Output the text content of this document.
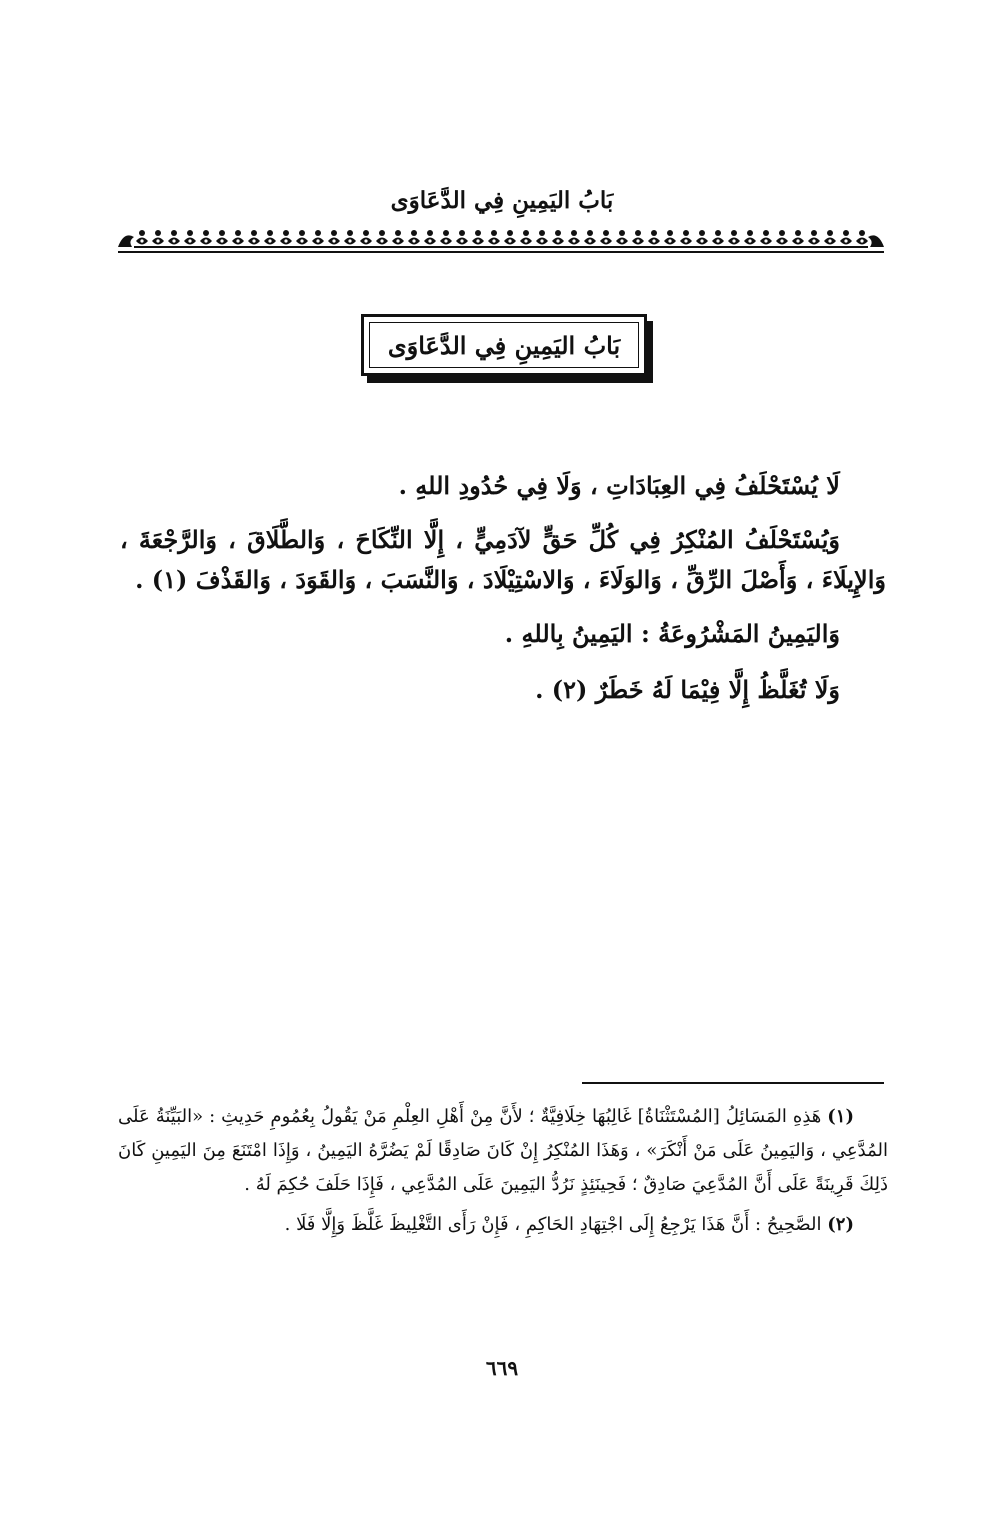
بَابُ اليَمِينِ فِي الدَّعَاوَى
بَابُ اليَمِينِ فِي الدَّعَاوَى

لَا يُسْتَحْلَفُ فِي العِبَادَاتِ ، وَلَا فِي حُدُودِ اللهِ .

وَيُسْتَحْلَفُ المُنْكِرُ فِي كُلِّ حَقٍّ لآدَمِيٍّ ، إِلَّا النِّكَاحَ ، وَالطَّلَاقَ ، وَالرَّجْعَةَ ، وَالإِيلَاءَ ، وَأَصْلَ الرِّقِّ ، وَالوَلَاءَ ، وَالاسْتِيْلَادَ ، وَالنَّسَبَ ، وَالقَوَدَ ، وَالقَذْفَ (١) .

وَاليَمِينُ المَشْرُوعَةُ : اليَمِينُ بِاللهِ .

وَلَا تُغَلَّظُ إِلَّا فِيْمَا لَهُ خَطَرٌ (٢) .

(١) هَذِهِ المَسَائِلُ [المُسْتَثْنَاةُ] غَالِبُهَا خِلَافِيَّةٌ ؛ لأَنَّ مِنْ أَهْلِ العِلْمِ مَنْ يَقُولُ بِعُمُومِ حَدِيثِ : «البَيِّنَةُ عَلَى المُدَّعِي ، وَاليَمِينُ عَلَى مَنْ أَنْكَرَ» ، وَهَذَا المُنْكِرُ إِنْ كَانَ صَادِقًا لَمْ يَضُرَّهُ اليَمِينُ ، وَإِذَا امْتَنَعَ مِنَ اليَمِينِ كَانَ ذَلِكَ قَرِينَةً عَلَى أَنَّ المُدَّعِيَ صَادِقٌ ؛ فَحِينَئِذٍ نَرُدُّ اليَمِينَ عَلَى المُدَّعِي ، فَإِذَا حَلَفَ حُكِمَ لَهُ .

(٢) الصَّحِيحُ : أَنَّ هَذَا يَرْجِعُ إِلَى اجْتِهَادِ الحَاكِمِ ، فَإِنْ رَأَى التَّغْلِيظَ غَلَّظَ وَإِلَّا فَلَا .

٦٦٩
